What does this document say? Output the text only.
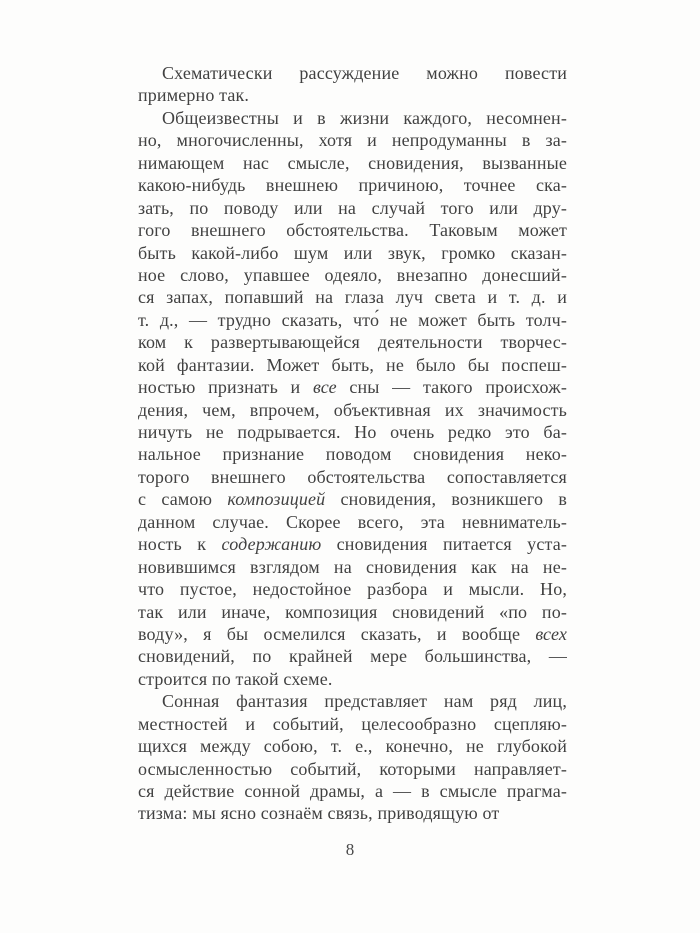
Схематически рассуждение можно повести
примерно так.
Общеизвестны и в жизни каждого, несомнен-
но, многочисленны, хотя и непродуманны в за-
нимающем нас смысле, сновидения, вызванные
какою-нибудь внешнею причиною, точнее ска-
зать, по поводу или на случай того или дру-
гого внешнего обстоятельства. Таковым может
быть какой-либо шум или звук, громко сказан-
ное слово, упавшее одеяло, внезапно донесший-
ся запах, попавший на глаза луч света и т. д. и
т. д., — трудно сказать, что́ не может быть толч-
ком к развертывающейся деятельности творчес-
кой фантазии. Может быть, не было бы поспеш-
ностью признать и все сны — такого происхож-
дения, чем, впрочем, объективная их значимость
ничуть не подрывается. Но очень редко это ба-
нальное признание поводом сновидения неко-
торого внешнего обстоятельства сопоставляется
с самою композицией сновидения, возникшего в
данном случае. Скорее всего, эта невниматель-
ность к содержанию сновидения питается уста-
новившимся взглядом на сновидения как на не-
что пустое, недостойное разбора и мысли. Но,
так или иначе, композиция сновидений «по по-
воду», я бы осмелился сказать, и вообще всех
сновидений, по крайней мере большинства, —
строится по такой схеме.
Сонная фантазия представляет нам ряд лиц,
местностей и событий, целесообразно сцепляю-
щихся между собою, т. е., конечно, не глубокой
осмысленностью событий, которыми направляет-
ся действие сонной драмы, а — в смысле прагма-
тизма: мы ясно сознаём связь, приводящую от
8
